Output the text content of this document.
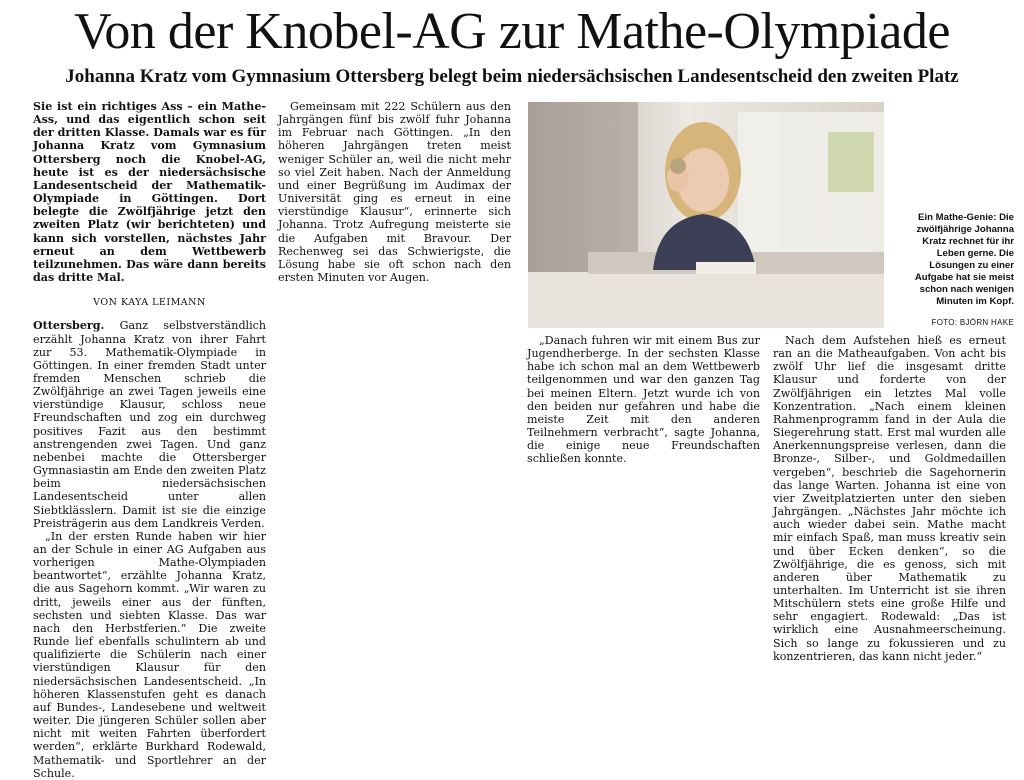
Von der Knobel-AG zur Mathe-Olympiade
Johanna Kratz vom Gymnasium Ottersberg belegt beim niedersächsischen Landesentscheid den zweiten Platz

Sie ist ein richtiges Ass – ein Mathe-Ass, und das eigentlich schon seit der dritten Klasse. Damals war es für Johanna Kratz vom Gymnasium Ottersberg noch die Knobel-AG, heute ist es der niedersächsische Landesentscheid der Mathematik-Olympiade in Göttingen. Dort belegte die Zwölfjährige jetzt den zweiten Platz (wir berichteten) und kann sich vorstellen, nächstes Jahr erneut an dem Wettbewerb teilzunehmen. Das wäre dann bereits das dritte Mal.

VON KAYA LEIMANN

Ottersberg. Ganz selbstverständlich erzählt Johanna Kratz von ihrer Fahrt zur 53. Mathematik-Olympiade in Göttingen. In einer fremden Stadt unter fremden Menschen schrieb die Zwölfjährige an zwei Tagen jeweils eine vierstündige Klausur, schloss neue Freundschaften und zog ein durchweg positives Fazit aus den bestimmt anstrengenden zwei Tagen. Und ganz nebenbei machte die Ottersberger Gymnasiastin am Ende den zweiten Platz beim niedersächsischen Landesentscheid unter allen Siebtklässlern. Damit ist sie die einzige Preisträgerin aus dem Landkreis Verden.

„In der ersten Runde haben wir hier an der Schule in einer AG Aufgaben aus vorherigen Mathe-Olympiaden beantwortet“, erzählte Johanna Kratz, die aus Sagehorn kommt. „Wir waren zu dritt, jeweils einer aus der fünften, sechsten und siebten Klasse. Das war nach den Herbstferien.“ Die zweite Runde lief ebenfalls schulintern ab und qualifizierte die Schülerin nach einer vierstündigen Klausur für den niedersächsischen Landesentscheid. „In höheren Klassenstufen geht es danach auf Bundes-, Landesebene und weltweit weiter. Die jüngeren Schüler sollen aber nicht mit weiten Fahrten überfordert werden“, erklärte Burkhard Rodewald, Mathematik- und Sportlehrer an der Schule.

Ein Mathe-Genie: Die zwölfjährige Johanna Kratz rechnet für ihr Leben gerne. Die Lösungen zu einer Aufgabe hat sie meist schon nach wenigen Minuten im Kopf.
FOTO: BJÖRN HAKE

Gemeinsam mit 222 Schülern aus den Jahrgängen fünf bis zwölf fuhr Johanna im Februar nach Göttingen. „In den höheren Jahrgängen treten meist weniger Schüler an, weil die nicht mehr so viel Zeit haben. Nach der Anmeldung und einer Begrüßung im Audimax der Universität ging es erneut in eine vierstündige Klausur“, erinnerte sich Johanna. Trotz Aufregung meisterte sie die Aufgaben mit Bravour. Der Rechenweg sei das Schwierigste, die Lösung habe sie oft schon nach den ersten Minuten vor Augen.

„Danach fuhren wir mit einem Bus zur Jugendherberge. In der sechsten Klasse habe ich schon mal an dem Wettbewerb teilgenommen und war den ganzen Tag bei meinen Eltern. Jetzt wurde ich von den beiden nur gefahren und habe die meiste Zeit mit den anderen Teilnehmern verbracht“, sagte Johanna, die einige neue Freundschaften schließen konnte.

Nach dem Aufstehen hieß es erneut ran an die Matheaufgaben. Von acht bis zwölf Uhr lief die insgesamt dritte Klausur und forderte von der Zwölfjährigen ein letztes Mal volle Konzentration. „Nach einem kleinen Rahmenprogramm fand in der Aula die Siegerehrung statt. Erst mal wurden alle Anerkennungspreise verlesen, dann die Bronze-, Silber-, und Goldmedaillen vergeben“, beschrieb die Sagehornerin das lange Warten. Johanna ist eine von vier Zweitplatzierten unter den sieben Jahrgängen. „Nächstes Jahr möchte ich auch wieder dabei sein. Mathe macht mir einfach Spaß, man muss kreativ sein und über Ecken denken“, so die Zwölfjährige, die es genoss, sich mit anderen über Mathematik zu unterhalten. Im Unterricht ist sie ihren Mitschülern stets eine große Hilfe und sehr engagiert. Rodewald: „Das ist wirklich eine Ausnahmeerscheinung. Sich so lange zu fokussieren und zu konzentrieren, das kann nicht jeder.“
